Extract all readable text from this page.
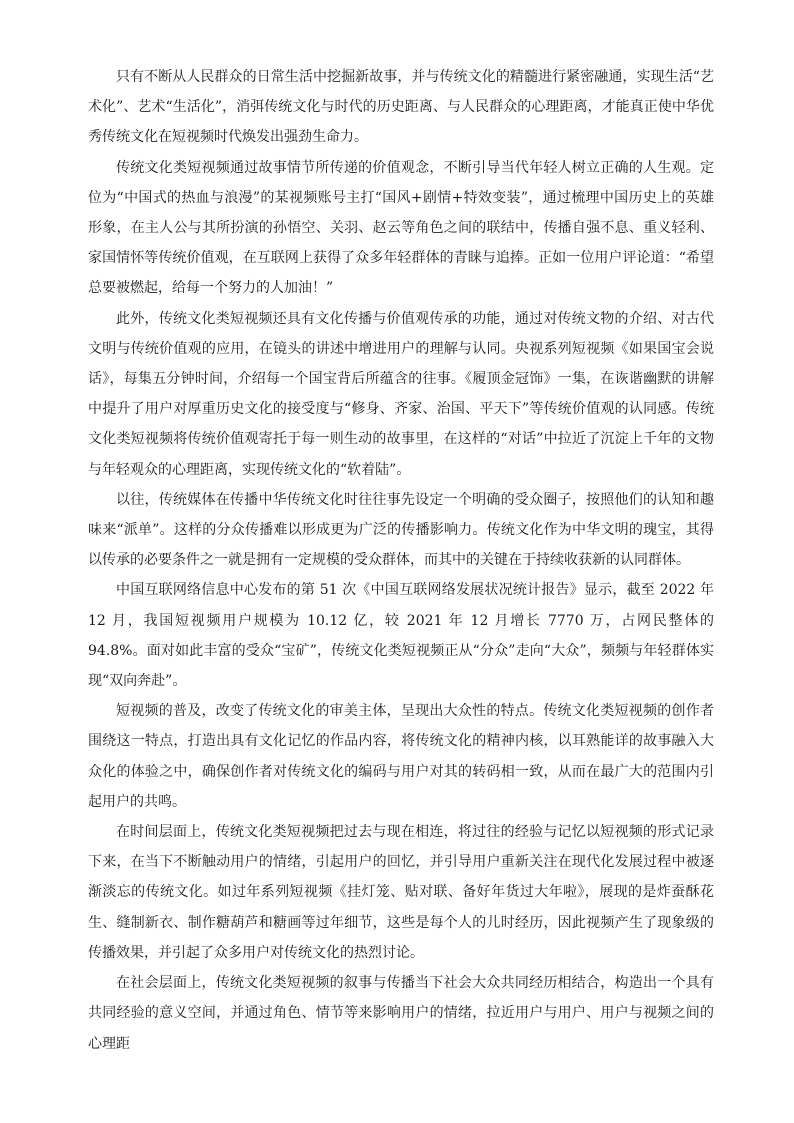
只有不断从人民群众的日常生活中挖掘新故事，并与传统文化的精髓进行紧密融通，实现生活“艺术化”、艺术“生活化”，消弭传统文化与时代的历史距离、与人民群众的心理距离，才能真正使中华优秀传统文化在短视频时代焕发出强劲生命力。

传统文化类短视频通过故事情节所传递的价值观念，不断引导当代年轻人树立正确的人生观。定位为“中国式的热血与浪漫”的某视频账号主打“国风+剧情+特效变装”，通过梳理中国历史上的英雄形象，在主人公与其所扮演的孙悟空、关羽、赵云等角色之间的联结中，传播自强不息、重义轻利、家国情怀等传统价值观，在互联网上获得了众多年轻群体的青睐与追捧。正如一位用户评论道：“希望总要被燃起，给每一个努力的人加油！”

此外，传统文化类短视频还具有文化传播与价值观传承的功能，通过对传统文物的介绍、对古代文明与传统价值观的应用，在镜头的讲述中增进用户的理解与认同。央视系列短视频《如果国宝会说话》，每集五分钟时间，介绍每一个国宝背后所蕴含的往事。《履顶金冠饰》一集，在诙谐幽默的讲解中提升了用户对厚重历史文化的接受度与“修身、齐家、治国、平天下”等传统价值观的认同感。传统文化类短视频将传统价值观寄托于每一则生动的故事里，在这样的“对话”中拉近了沉淀上千年的文物与年轻观众的心理距离，实现传统文化的“软着陆”。

以往，传统媒体在传播中华传统文化时往往事先设定一个明确的受众圈子，按照他们的认知和趣味来“派单”。这样的分众传播难以形成更为广泛的传播影响力。传统文化作为中华文明的瑰宝，其得以传承的必要条件之一就是拥有一定规模的受众群体，而其中的关键在于持续收获新的认同群体。

中国互联网络信息中心发布的第 51 次《中国互联网络发展状况统计报告》显示，截至 2022 年 12 月，我国短视频用户规模为 10.12 亿，较 2021 年 12 月增长 7770 万，占网民整体的 94.8%。面对如此丰富的受众“宝矿”，传统文化类短视频正从“分众”走向“大众”，频频与年轻群体实现“双向奔赴”。

短视频的普及，改变了传统文化的审美主体，呈现出大众性的特点。传统文化类短视频的创作者围绕这一特点，打造出具有文化记忆的作品内容，将传统文化的精神内核，以耳熟能详的故事融入大众化的体验之中，确保创作者对传统文化的编码与用户对其的转码相一致，从而在最广大的范围内引起用户的共鸣。

在时间层面上，传统文化类短视频把过去与现在相连，将过往的经验与记忆以短视频的形式记录下来，在当下不断触动用户的情绪，引起用户的回忆，并引导用户重新关注在现代化发展过程中被逐渐淡忘的传统文化。如过年系列短视频《挂灯笼、贴对联、备好年货过大年啦》，展现的是炸蚕酥花生、缝制新衣、制作糖葫芦和糖画等过年细节，这些是每个人的儿时经历，因此视频产生了现象级的传播效果，并引起了众多用户对传统文化的热烈讨论。

在社会层面上，传统文化类短视频的叙事与传播当下社会大众共同经历相结合，构造出一个具有共同经验的意义空间，并通过角色、情节等来影响用户的情绪，拉近用户与用户、用户与视频之间的心理距
